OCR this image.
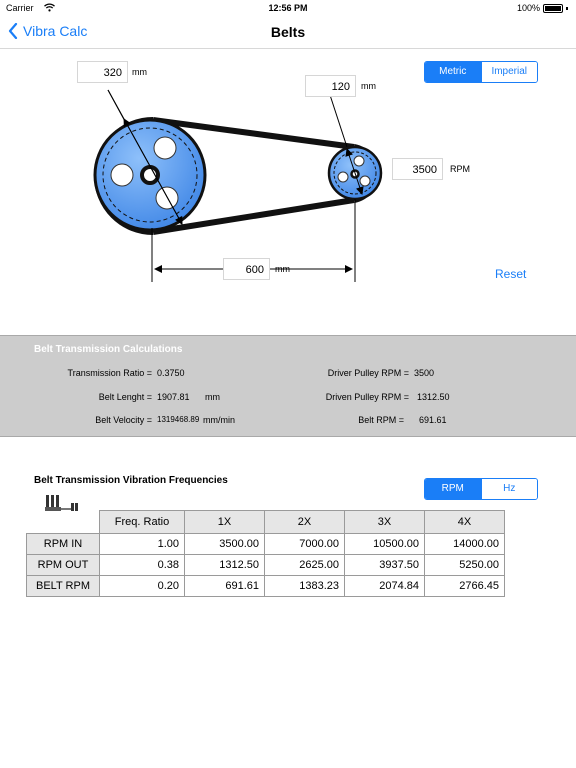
Carrier	12:56 PM	100%
Vibra Calc	Belts
320	mm
120	mm
3500	RPM
600	mm
Metric	Imperial
Reset
Belt Transmission Calculations
Transmission Ratio = 0.3750
Belt Lenght = 1907.81 mm
Belt Velocity = 1319468.89 mm/min
Driver Pulley RPM = 3500
Driven Pulley RPM = 1312.50
Belt RPM = 691.61
Belt Transmission Vibration Frequencies
RPM	Hz
	Freq. Ratio	1X	2X	3X	4X
RPM IN	1.00	3500.00	7000.00	10500.00	14000.00
RPM OUT	0.38	1312.50	2625.00	3937.50	5250.00
BELT RPM	0.20	691.61	1383.23	2074.84	2766.45
